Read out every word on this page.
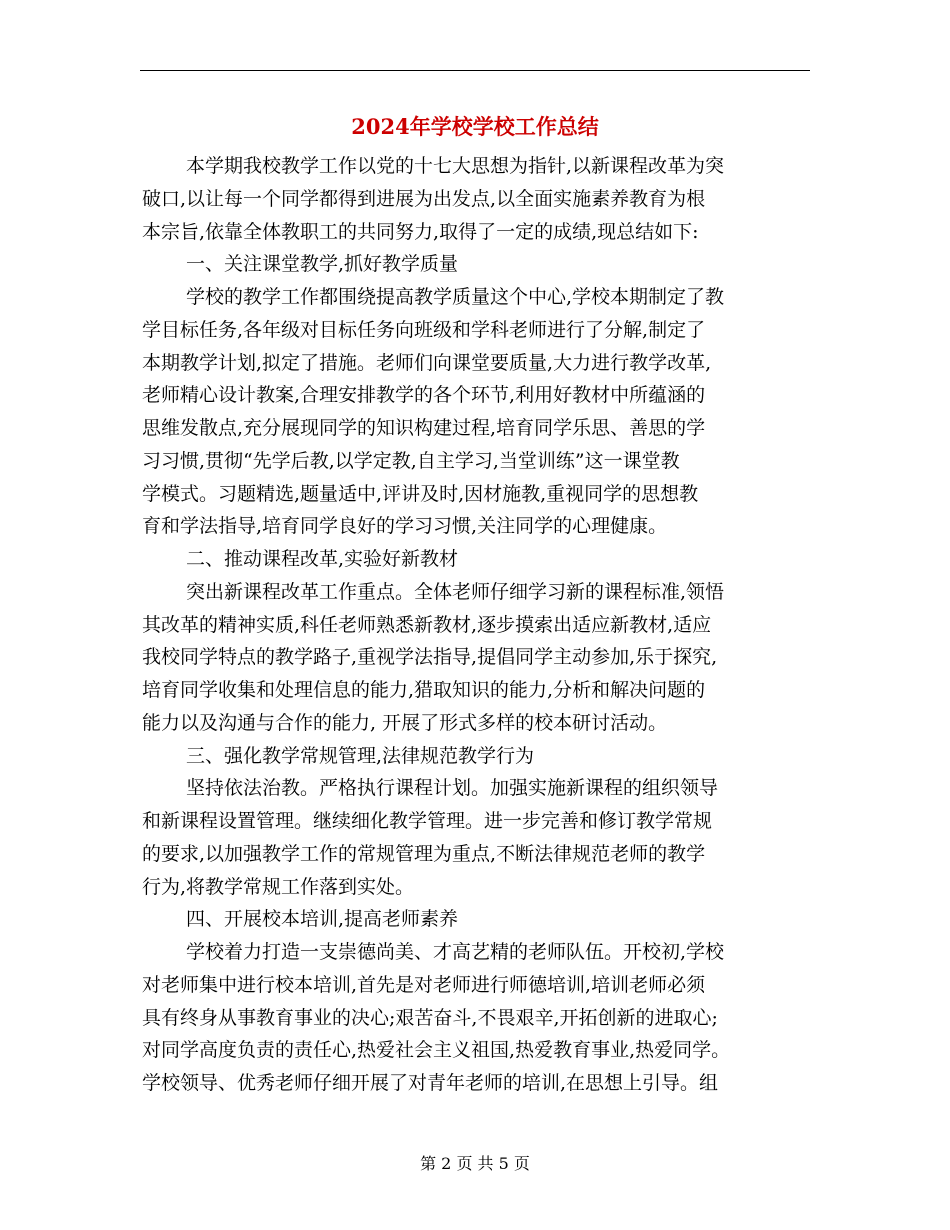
2024年学校学校工作总结
本学期我校教学工作以党的十七大思想为指针,以新课程改革为突
破口,以让每一个同学都得到进展为出发点,以全面实施素养教育为根
本宗旨,依靠全体教职工的共同努力,取得了一定的成绩,现总结如下:
一、关注课堂教学,抓好教学质量
学校的教学工作都围绕提高教学质量这个中心,学校本期制定了教
学目标任务,各年级对目标任务向班级和学科老师进行了分解,制定了
本期教学计划,拟定了措施。老师们向课堂要质量,大力进行教学改革,
老师精心设计教案,合理安排教学的各个环节,利用好教材中所蕴涵的
思维发散点,充分展现同学的知识构建过程,培育同学乐思、善思的学
习习惯,贯彻“先学后教,以学定教,自主学习,当堂训练”这一课堂教
学模式。习题精选,题量适中,评讲及时,因材施教,重视同学的思想教
育和学法指导,培育同学良好的学习习惯,关注同学的心理健康。
二、推动课程改革,实验好新教材
突出新课程改革工作重点。全体老师仔细学习新的课程标准,领悟
其改革的精神实质,科任老师熟悉新教材,逐步摸索出适应新教材,适应
我校同学特点的教学路子,重视学法指导,提倡同学主动参加,乐于探究,
培育同学收集和处理信息的能力,猎取知识的能力,分析和解决问题的
能力以及沟通与合作的能力, 开展了形式多样的校本研讨活动。
三、强化教学常规管理,法律规范教学行为
坚持依法治教。严格执行课程计划。加强实施新课程的组织领导
和新课程设置管理。继续细化教学管理。进一步完善和修订教学常规
的要求,以加强教学工作的常规管理为重点,不断法律规范老师的教学
行为,将教学常规工作落到实处。
四、开展校本培训,提高老师素养
学校着力打造一支崇德尚美、才高艺精的老师队伍。开校初,学校
对老师集中进行校本培训,首先是对老师进行师德培训,培训老师必须
具有终身从事教育事业的决心;艰苦奋斗,不畏艰辛,开拓创新的进取心;
对同学高度负责的责任心,热爱社会主义祖国,热爱教育事业,热爱同学。
学校领导、优秀老师仔细开展了对青年老师的培训,在思想上引导。组
第 2 页 共 5 页
